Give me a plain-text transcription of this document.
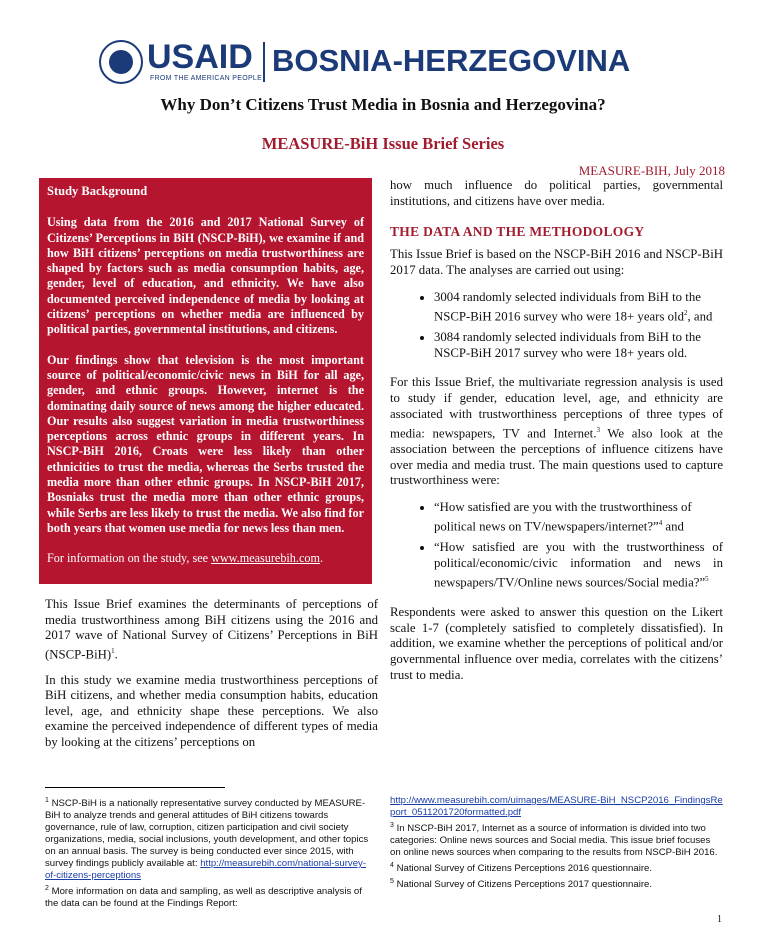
USAID
FROM THE AMERICAN PEOPLE
BOSNIA-HERZEGOVINA
Why Don’t Citizens Trust Media in Bosnia and Herzegovina?
MEASURE-BiH Issue Brief Series
MEASURE-BIH, July 2018
Study Background

Using data from the 2016 and 2017 National Survey of Citizens’ Perceptions in BiH (NSCP-BiH), we examine if and how BiH citizens’ perceptions on media trustworthiness are shaped by factors such as media consumption habits, age, gender, level of education, and ethnicity. We have also documented perceived independence of media by looking at citizens’ perceptions on whether media are influenced by political parties, governmental institutions, and citizens.

Our findings show that television is the most important source of political/economic/civic news in BiH for all age, gender, and ethnic groups. However, internet is the dominating daily source of news among the higher educated. Our results also suggest variation in media trustworthiness perceptions across ethnic groups in different years. In NSCP-BiH 2016, Croats were less likely than other ethnicities to trust the media, whereas the Serbs trusted the media more than other ethnic groups. In NSCP-BiH 2017, Bosniaks trust the media more than other ethnic groups, while Serbs are less likely to trust the media. We also find for both years that women use media for news less than men.

For information on the study, see www.measurebih.com.

This Issue Brief examines the determinants of perceptions of media trustworthiness among BiH citizens using the 2016 and 2017 wave of National Survey of Citizens’ Perceptions in BiH (NSCP-BiH)$^1$.

In this study we examine media trustworthiness perceptions of BiH citizens, and whether media consumption habits, education level, age, and ethnicity shape these perceptions. We also examine the perceived independence of different types of media by looking at the citizens’ perceptions on

how much influence do political parties, governmental institutions, and citizens have over media.

THE DATA AND THE METHODOLOGY

This Issue Brief is based on the NSCP-BiH 2016 and NSCP-BiH 2017 data. The analyses are carried out using:

• 3004 randomly selected individuals from BiH to the NSCP-BiH 2016 survey who were 18+ years old$^2$, and
• 3084 randomly selected individuals from BiH to the NSCP-BiH 2017 survey who were 18+ years old.

For this Issue Brief, the multivariate regression analysis is used to study if gender, education level, age, and ethnicity are associated with trustworthiness perceptions of three types of media: newspapers, TV and Internet.$^3$ We also look at the association between the perceptions of influence citizens have over media and media trust. The main questions used to capture trustworthiness were:

• “How satisfied are you with the trustworthiness of political news on TV/newspapers/internet?”$^4$ and
• “How satisfied are you with the trustworthiness of political/economic/civic information and news in newspapers/TV/Online news sources/Social media?”$^5$

Respondents were asked to answer this question on the Likert scale 1-7 (completely satisfied to completely dissatisfied). In addition, we examine whether the perceptions of political and/or governmental influence over media, correlates with the citizens’ trust to media.

$^1$ NSCP-BiH is a nationally representative survey conducted by MEASURE-BiH to analyze trends and general attitudes of BiH citizens towards governance, rule of law, corruption, citizen participation and civil society organizations, media, social inclusions, youth development, and other topics on an annual basis. The survey is being conducted ever since 2015, with survey findings publicly available at: http://measurebih.com/national-survey-of-citizens-perceptions

$^2$ More information on data and sampling, as well as descriptive analysis of the data can be found at the Findings Report:

http://www.measurebih.com/uimages/MEASURE-BiH_NSCP2016_FindingsReport_0511201720formatted.pdf

$^3$ In NSCP-BiH 2017, Internet as a source of information is divided into two categories: Online news sources and Social media. This issue brief focuses on online news sources when comparing to the results from NSCP-BiH 2016.

$^4$ National Survey of Citizens Perceptions 2016 questionnaire.

$^5$ National Survey of Citizens Perceptions 2017 questionnaire.

1
